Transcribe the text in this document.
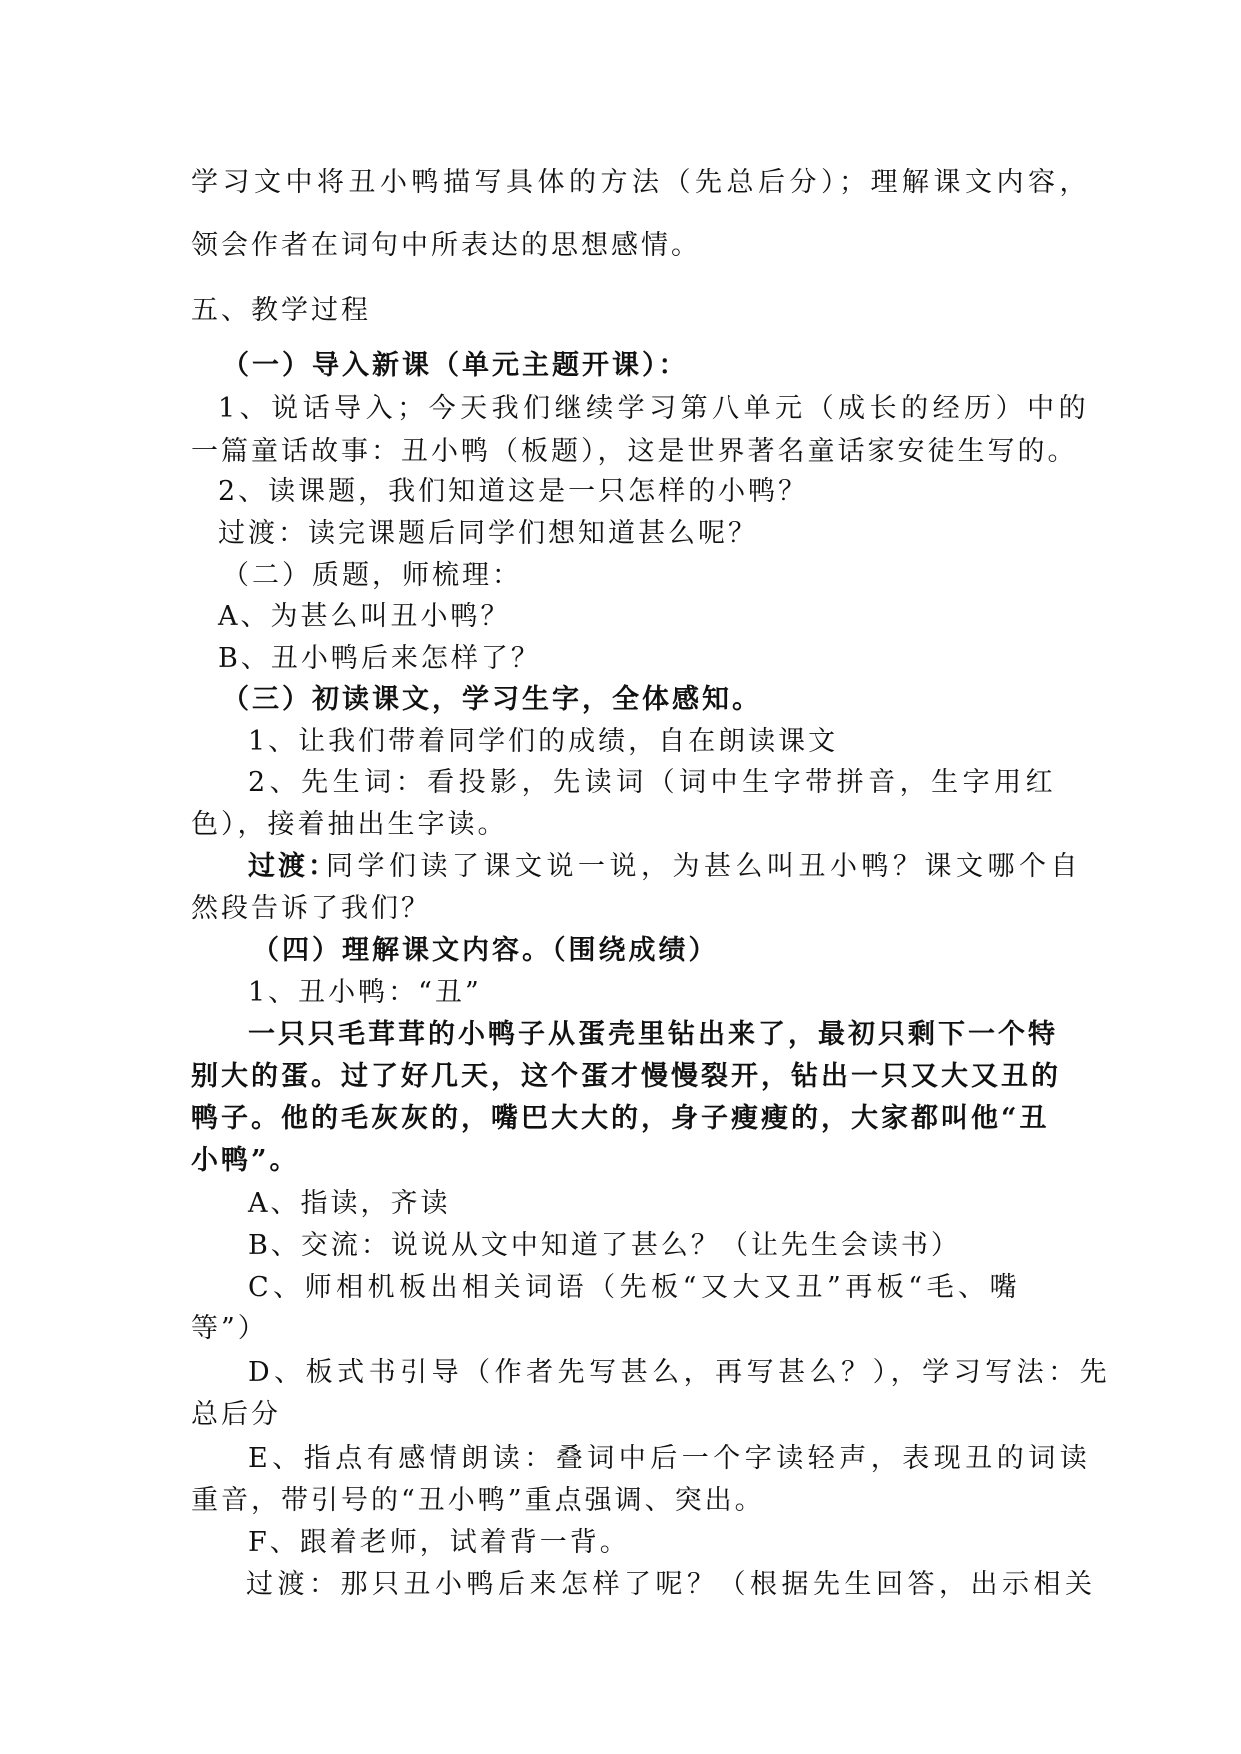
学习文中将丑小鸭描写具体的方法（先总后分）；理解课文内容，
领会作者在词句中所表达的思想感情。
五、教学过程
（一）导入新课（单元主题开课）：
1、说话导入；今天我们继续学习第八单元（成长的经历）中的
一篇童话故事：丑小鸭（板题），这是世界著名童话家安徒生写的。
2、读课题，我们知道这是一只怎样的小鸭？
过渡：读完课题后同学们想知道甚么呢？
（二）质题，师梳理：
A、为甚么叫丑小鸭？
B、丑小鸭后来怎样了？
（三）初读课文，学习生字，全体感知。
1、让我们带着同学们的成绩，自在朗读课文
2、先生词：看投影，先读词（词中生字带拼音，生字用红
色），接着抽出生字读。
过渡：
同学们读了课文说一说，为甚么叫丑小鸭？课文哪个自
然段告诉了我们？
（四）理解课文内容。（围绕成绩）
1、丑小鸭：“丑”
一只只毛茸茸的小鸭子从蛋壳里钻出来了，最初只剩下一个特
别大的蛋。过了好几天，这个蛋才慢慢裂开，钻出一只又大又丑的
鸭子。他的毛灰灰的，嘴巴大大的，身子瘦瘦的，大家都叫他“丑
小鸭”。
A、指读，齐读
B、交流：说说从文中知道了甚么？（让先生会读书）
C、师相机板出相关词语（先板“又大又丑”再板“毛、嘴
等”）
D、板式书引导（作者先写甚么，再写甚么？），学习写法：先
总后分
E、指点有感情朗读：叠词中后一个字读轻声，表现丑的词读
重音，带引号的“丑小鸭”重点强调、突出。
F、跟着老师，试着背一背。
过渡：那只丑小鸭后来怎样了呢？（根据先生回答，出示相关
